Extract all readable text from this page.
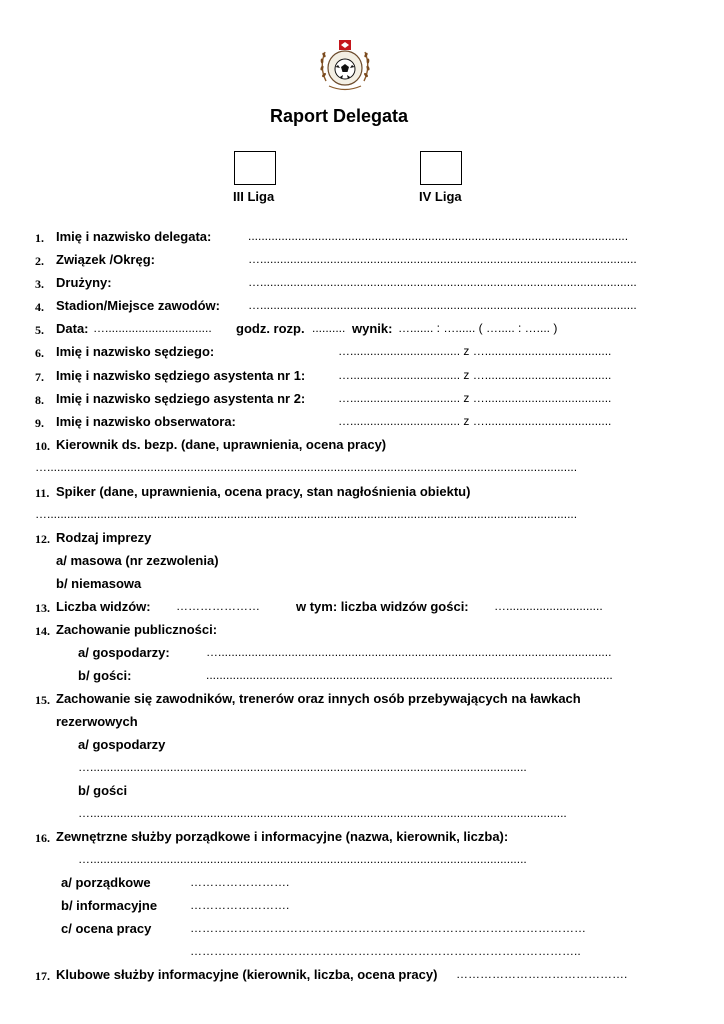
Raport Delegata
III Liga	IV Liga
1. Imię i nazwisko delegata:	..................................................................................................................
2. Związek /Okręg:	….................................................................................................................
3. Drużyny:	….................................................................................................................
4. Stadion/Miejsce zawodów: ….................................................................................................................
5. Data: …................................	godz. rozp. .......... wynik: …....... : …...... ( …..... : ….... )
6. Imię i nazwisko sędziego:	…................................. z …......................................
7. Imię i nazwisko sędziego asystenta nr 1:	…................................. z …......................................
8. Imię i nazwisko sędziego asystenta nr 2:	…................................. z …......................................
9. Imię i nazwisko obserwatora:	…................................. z …......................................
10. Kierownik ds. bezp. (dane, uprawnienia, ocena pracy)
…...............................................................................................................................................................
11. Spiker (dane, uprawnienia, ocena pracy, stan nagłośnienia obiektu)
…...............................................................................................................................................................
12. Rodzaj imprezy
a/ masowa (nr zezwolenia)
b/ niemasowa
13. Liczba widzów: …………………	w tym: liczba widzów gości: ….............................
14. Zachowanie publiczności:
a/ gospodarzy:	…......................................................................................................................
b/ gości:	..........................................................................................................................
15. Zachowanie się zawodników, trenerów oraz innych osób przebywających na ławkach
rezerwowych
a/ gospodarzy
…...................................................................................................................................
b/ gości
…...............................................................................................................................................
16. Zewnętrzne służby porządkowe i informacyjne (nazwa, kierownik, liczba):
…...................................................................................................................................
a/ porządkowe	…………………….
b/ informacyjne	…………………….
c/ ocena pracy	………………………………………………………………………………………
……………………………………………………………………………………..
17. Klubowe służby informacyjne (kierownik, liczba, ocena pracy) …………………………………….
